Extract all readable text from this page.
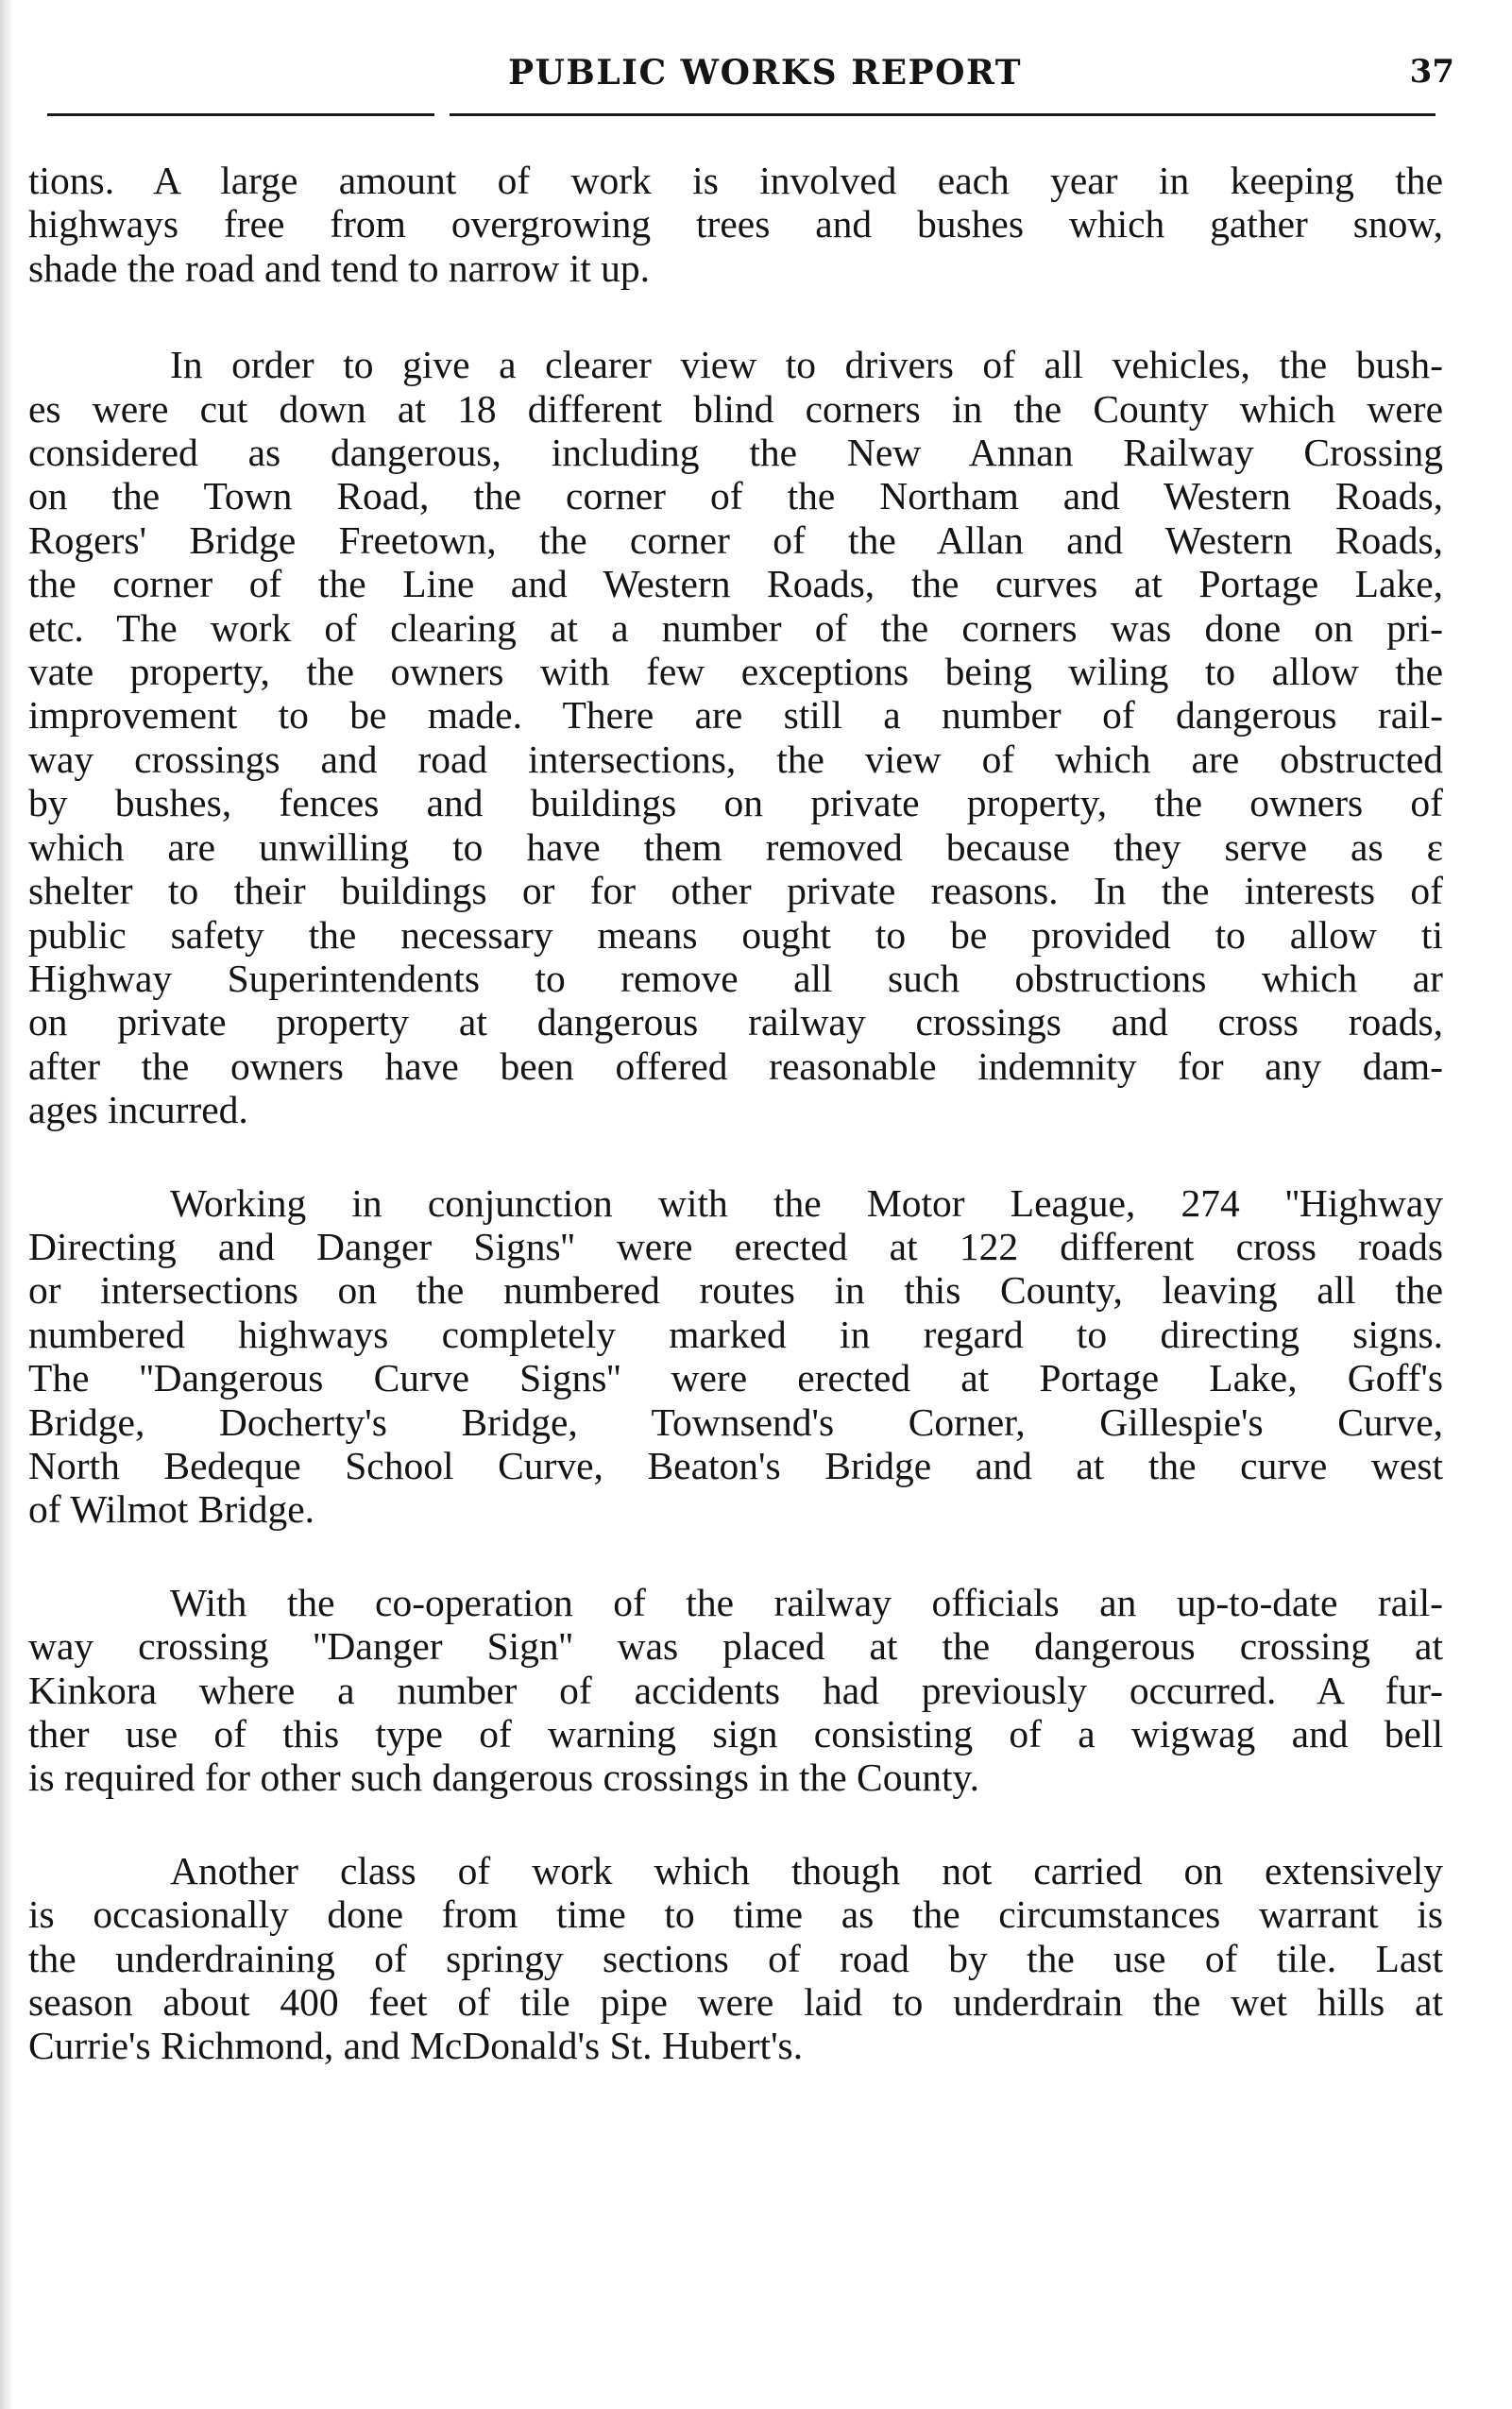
PUBLIC WORKS REPORT	37

tions. A large amount of work is involved each year in keeping the
highways free from overgrowing trees and bushes which gather snow,
shade the road and tend to narrow it up.

In order to give a clearer view to drivers of all vehicles, the bush-
es were cut down at 18 different blind corners in the County which were
considered as dangerous, including the New Annan Railway Crossing
on the Town Road, the corner of the Northam and Western Roads,
Rogers' Bridge Freetown, the corner of the Allan and Western Roads,
the corner of the Line and Western Roads, the curves at Portage Lake,
etc. The work of clearing at a number of the corners was done on pri-
vate property, the owners with few exceptions being wiling to allow the
improvement to be made. There are still a number of dangerous rail-
way crossings and road intersections, the view of which are obstructed
by bushes, fences and buildings on private property, the owners of
which are unwilling to have them removed because they serve as ε
shelter to their buildings or for other private reasons. In the interests of
public safety the necessary means ought to be provided to allow ti
Highway Superintendents to remove all such obstructions which ar
on private property at dangerous railway crossings and cross roads,
after the owners have been offered reasonable indemnity for any dam-
ages incurred.

Working in conjunction with the Motor League, 274 ''Highway
Directing and Danger Signs'' were erected at 122 different cross roads
or intersections on the numbered routes in this County, leaving all the
numbered highways completely marked in regard to directing signs.
The ''Dangerous Curve Signs'' were erected at Portage Lake, Goff's
Bridge, Docherty's Bridge, Townsend's Corner, Gillespie's Curve,
North Bedeque School Curve, Beaton's Bridge and at the curve west
of Wilmot Bridge.

With the co-operation of the railway officials an up-to-date rail-
way crossing ''Danger Sign'' was placed at the dangerous crossing at
Kinkora where a number of accidents had previously occurred. A fur-
ther use of this type of warning sign consisting of a wigwag and bell
is required for other such dangerous crossings in the County.

Another class of work which though not carried on extensively
is occasionally done from time to time as the circumstances warrant is
the underdraining of springy sections of road by the use of tile. Last
season about 400 feet of tile pipe were laid to underdrain the wet hills at
Currie's Richmond, and McDonald's St. Hubert's.
